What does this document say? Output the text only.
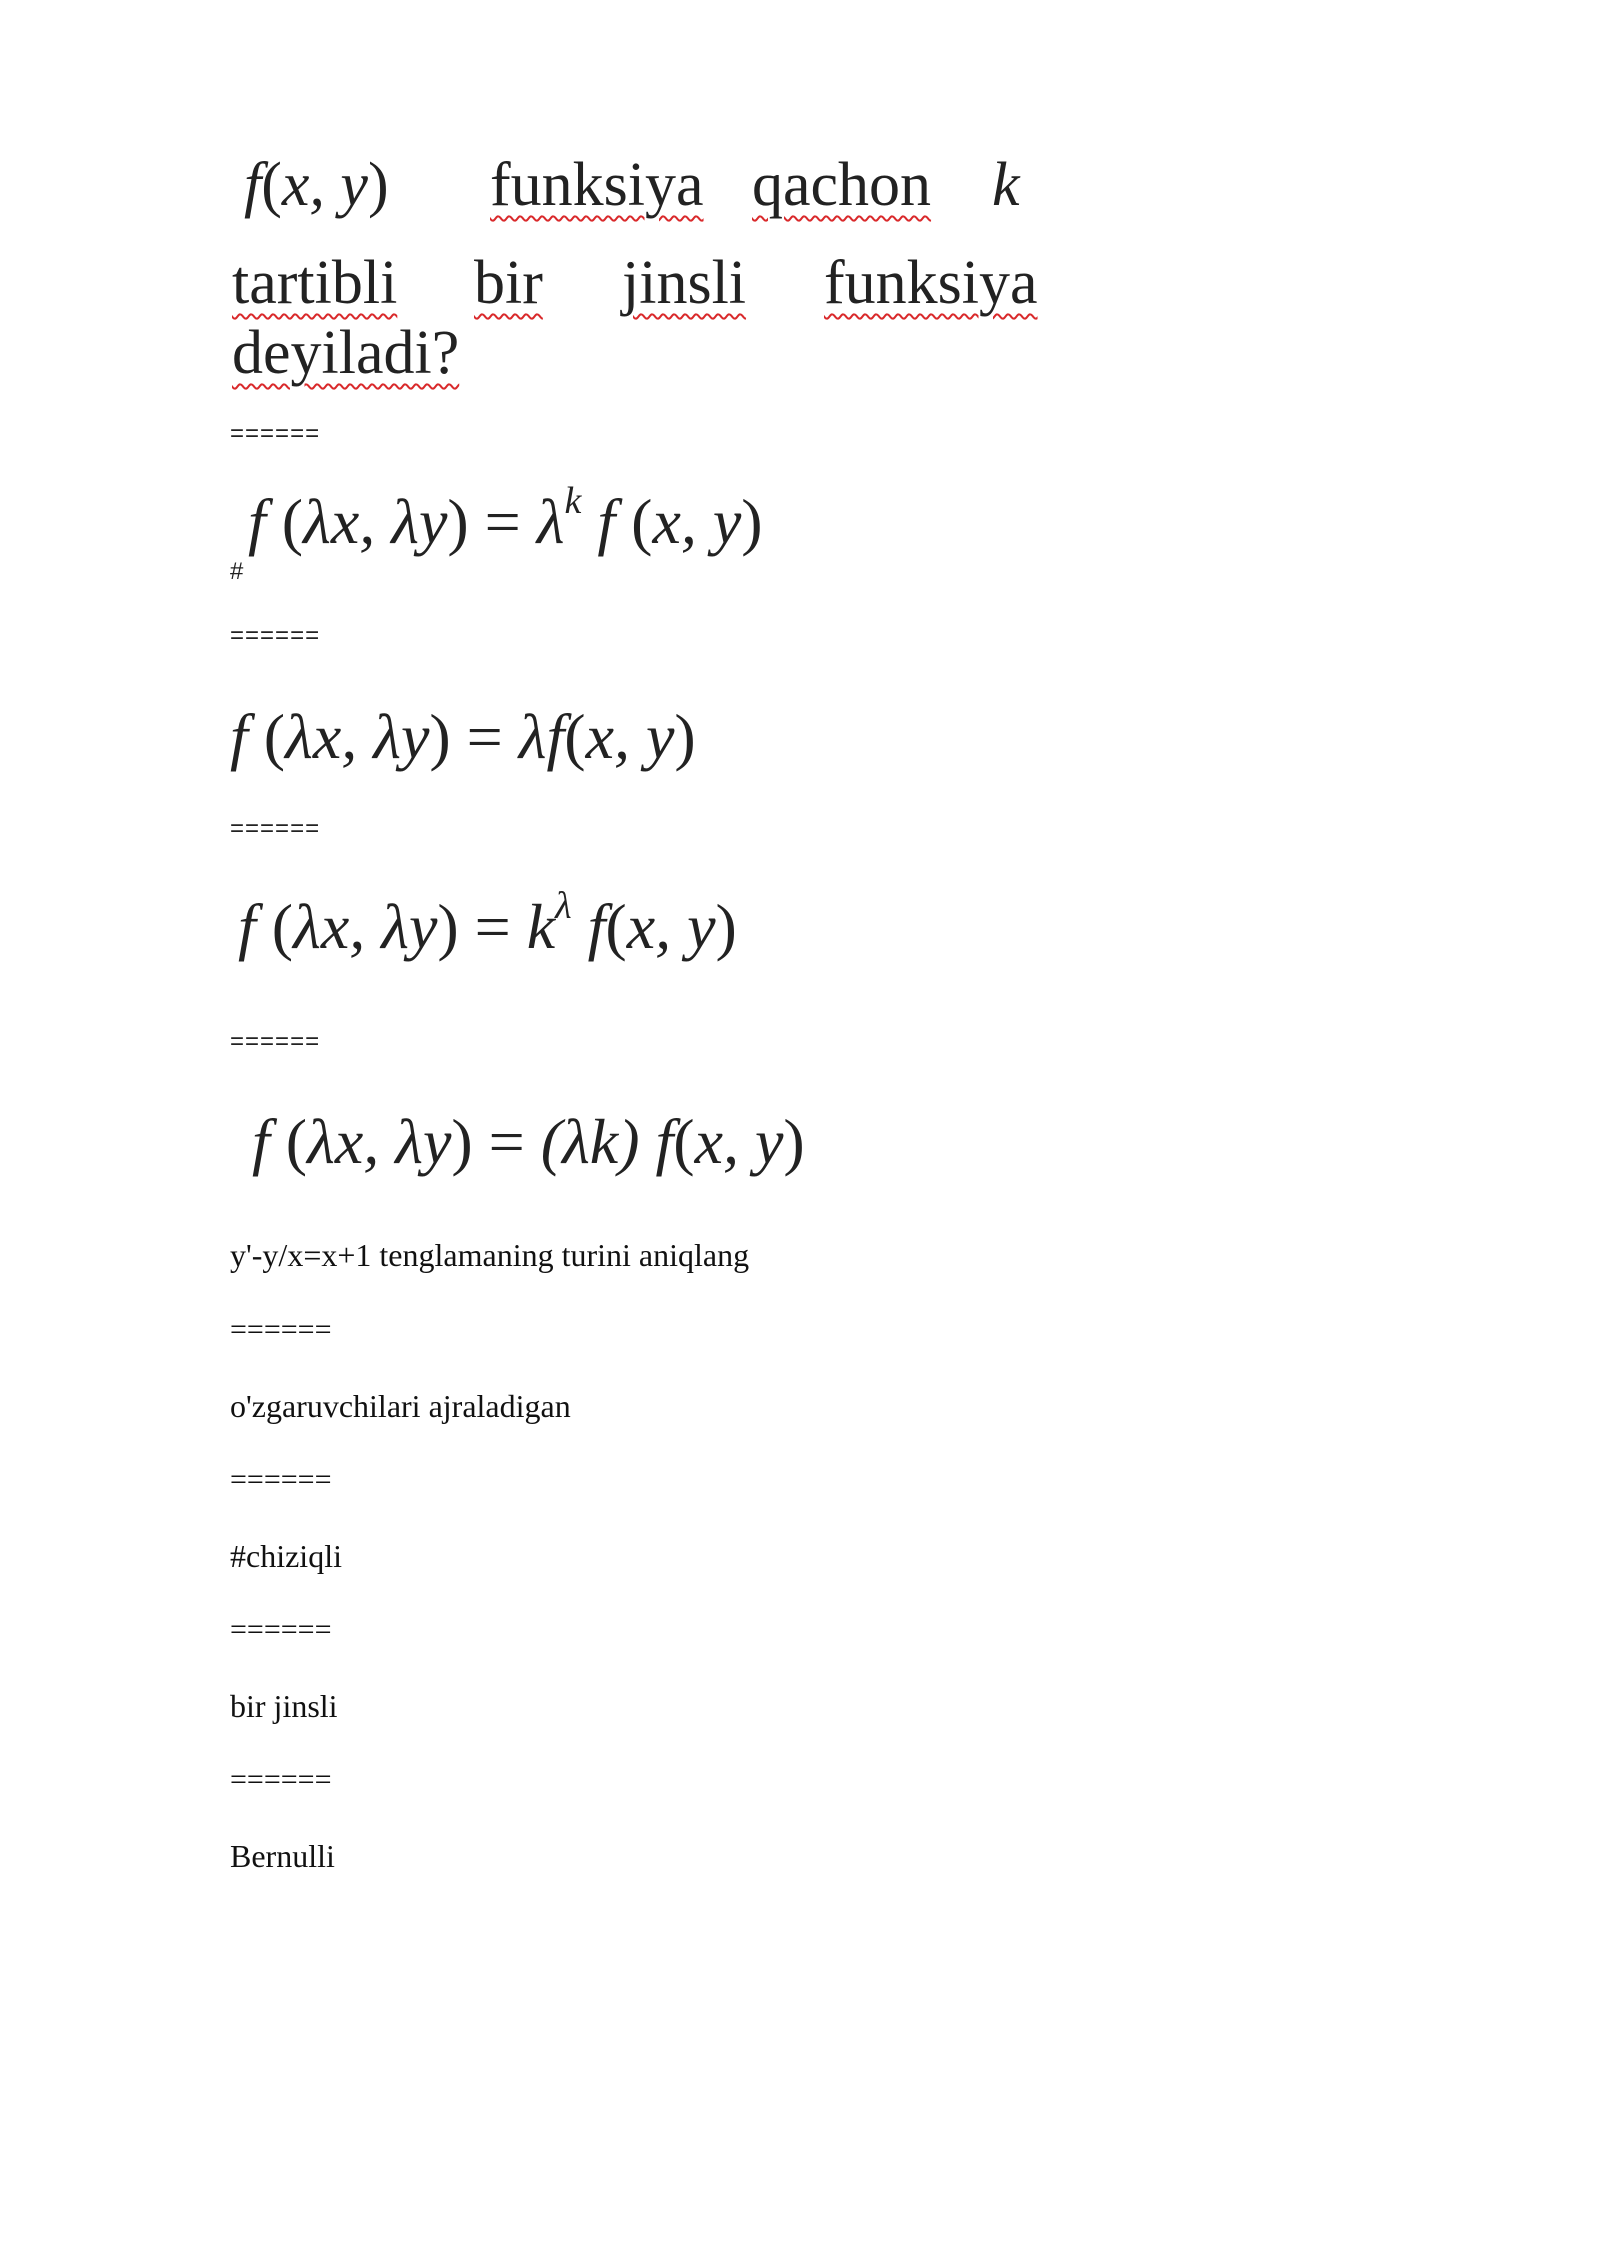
f(x, y) funksiya qachon k
tartibli bir jinsli funksiya
deyiladi?
======
#
f (λx, $\lambda y) = \lambda^k$ f (x, y)
======
f (λx, λy) = λf(x, y)
======
f (λx, $\lambda y) = k^\lambda$ f(x, y)
======
f (λx, λy) = (λk) f(x, y)
y'-y/x=x+1 tenglamaning turini aniqlang
======
o'zgaruvchilari ajraladigan
======
#chiziqli
======
bir jinsli
======
Bernulli
